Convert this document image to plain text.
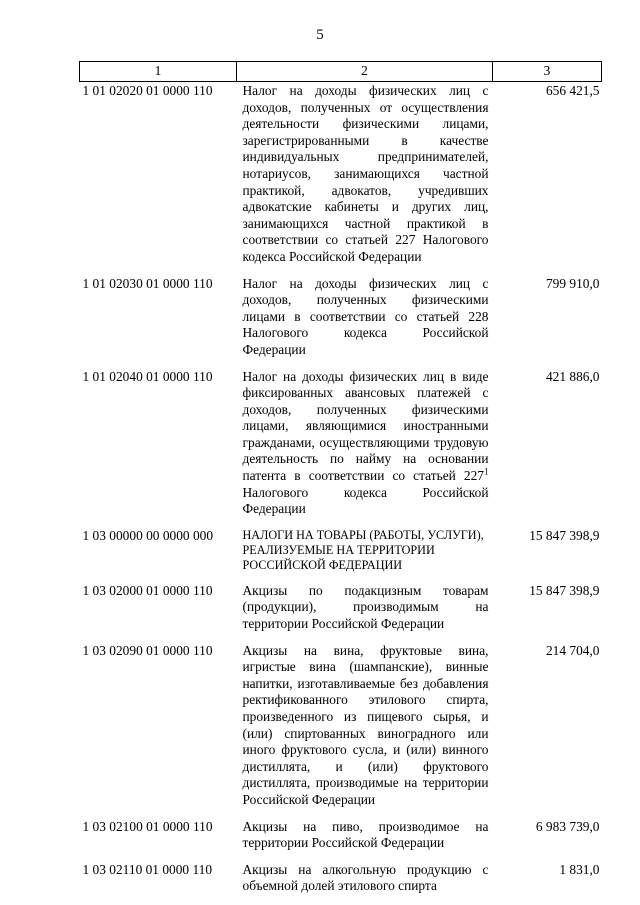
5
1	2	3
1 01 02020 01 0000 110	Налог на доходы физических лиц с доходов, полученных от осуществления деятельности физическими лицами, зарегистрированными в качестве индивидуальных предпринимателей, нотариусов, занимающихся частной практикой, адвокатов, учредивших адвокатские кабинеты и других лиц, занимающихся частной практикой в соответствии со статьей 227 Налогового кодекса Российской Федерации	656 421,5
1 01 02030 01 0000 110	Налог на доходы физических лиц с доходов, полученных физическими лицами в соответствии со статьей 228 Налогового кодекса Российской Федерации	799 910,0
1 01 02040 01 0000 110	Налог на доходы физических лиц в виде фиксированных авансовых платежей с доходов, полученных физическими лицами, являющимися иностранными гражданами, осуществляющими трудовую деятельность по найму на основании патента в соответствии со статьей $227^1$ Налогового кодекса Российской Федерации	421 886,0
1 03 00000 00 0000 000	НАЛОГИ НА ТОВАРЫ (РАБОТЫ, УСЛУГИ), РЕАЛИЗУЕМЫЕ НА ТЕРРИТОРИИ РОССИЙСКОЙ ФЕДЕРАЦИИ	15 847 398,9
1 03 02000 01 0000 110	Акцизы по подакцизным товарам (продукции), производимым на территории Российской Федерации	15 847 398,9
1 03 02090 01 0000 110	Акцизы на вина, фруктовые вина, игристые вина (шампанские), винные напитки, изготавливаемые без добавления ректификованного этилового спирта, произведенного из пищевого сырья, и (или) спиртованных виноградного или иного фруктового сусла, и (или) винного дистиллята, и (или) фруктового дистиллята, производимые на территории Российской Федерации	214 704,0
1 03 02100 01 0000 110	Акцизы на пиво, производимое на территории Российской Федерации	6 983 739,0
1 03 02110 01 0000 110	Акцизы на алкогольную продукцию с объемной долей этилового спирта	1 831,0
